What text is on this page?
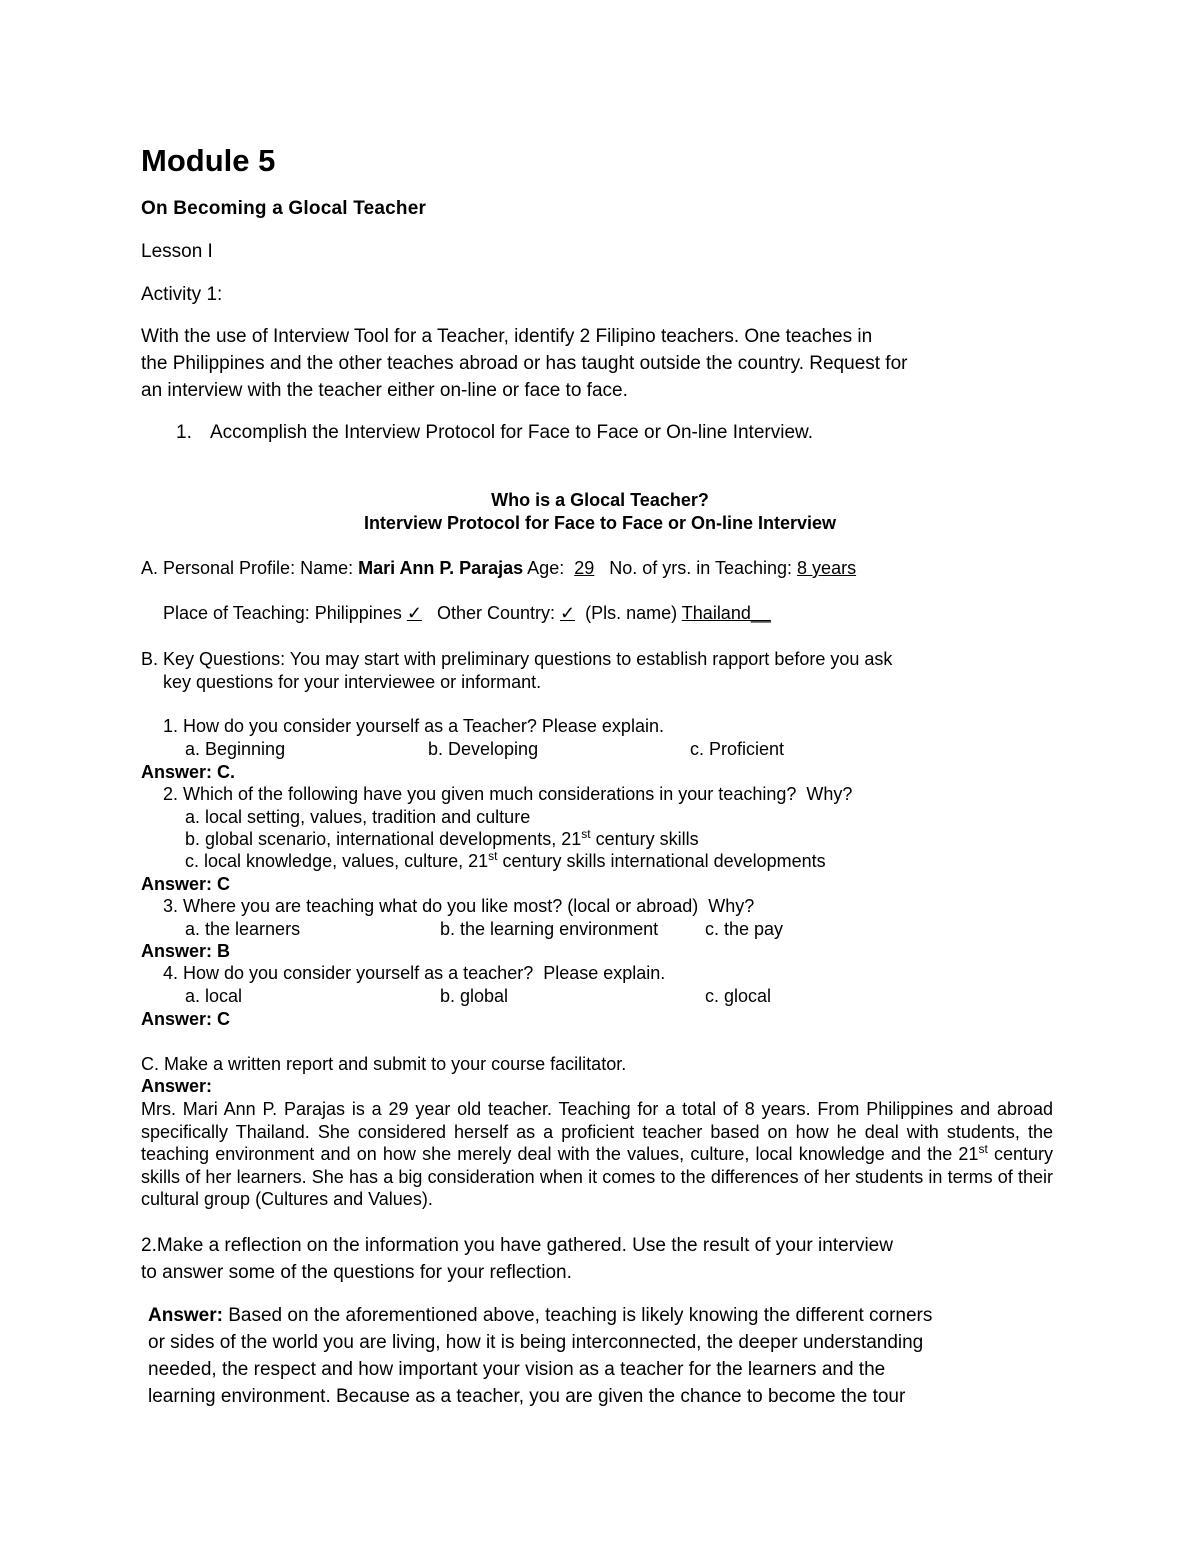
Module 5
On Becoming a Glocal Teacher
Lesson I
Activity 1:
With the use of Interview Tool for a Teacher, identify 2 Filipino teachers. One teaches in
the Philippines and the other teaches abroad or has taught outside the country. Request for
an interview with the teacher either on-line or face to face.
1. Accomplish the Interview Protocol for Face to Face or On-line Interview.
Who is a Glocal Teacher?
Interview Protocol for Face to Face or On-line Interview
A. Personal Profile: Name: Mari Ann P. Parajas Age:  29 No. of yrs. in Teaching: 8 years
Place of Teaching: Philippines ✓ Other Country: ✓ (Pls. name) Thailand__
B. Key Questions: You may start with preliminary questions to establish rapport before you ask
key questions for your interviewee or informant.
1. How do you consider yourself as a Teacher? Please explain.
a. Beginning	b. Developing	c. Proficient
Answer: C.
2. Which of the following have you given much considerations in your teaching?  Why?
a. local setting, values, tradition and culture
b. global scenario, international developments, 21st century skills
c. local knowledge, values, culture, 21st century skills international developments
Answer: C
3. Where you are teaching what do you like most? (local or abroad)  Why?
a. the learners	b. the learning environment	c. the pay
Answer: B
4. How do you consider yourself as a teacher?  Please explain.
a. local	b. global	c. glocal
Answer: C
C. Make a written report and submit to your course facilitator.
Answer:
Mrs. Mari Ann P. Parajas is a 29 year old teacher. Teaching for a total of 8 years. From Philippines and abroad specifically Thailand. She considered herself as a proficient teacher based on how he deal with students, the teaching environment and on how she merely deal with the values, culture, local knowledge and the 21st century skills of her learners. She has a big consideration when it comes to the differences of her students in terms of their cultural group (Cultures and Values).
2.Make a reflection on the information you have gathered. Use the result of your interview
to answer some of the questions for your reflection.
Answer: Based on the aforementioned above, teaching is likely knowing the different corners
or sides of the world you are living, how it is being interconnected, the deeper understanding
needed, the respect and how important your vision as a teacher for the learners and the
learning environment. Because as a teacher, you are given the chance to become the tour
